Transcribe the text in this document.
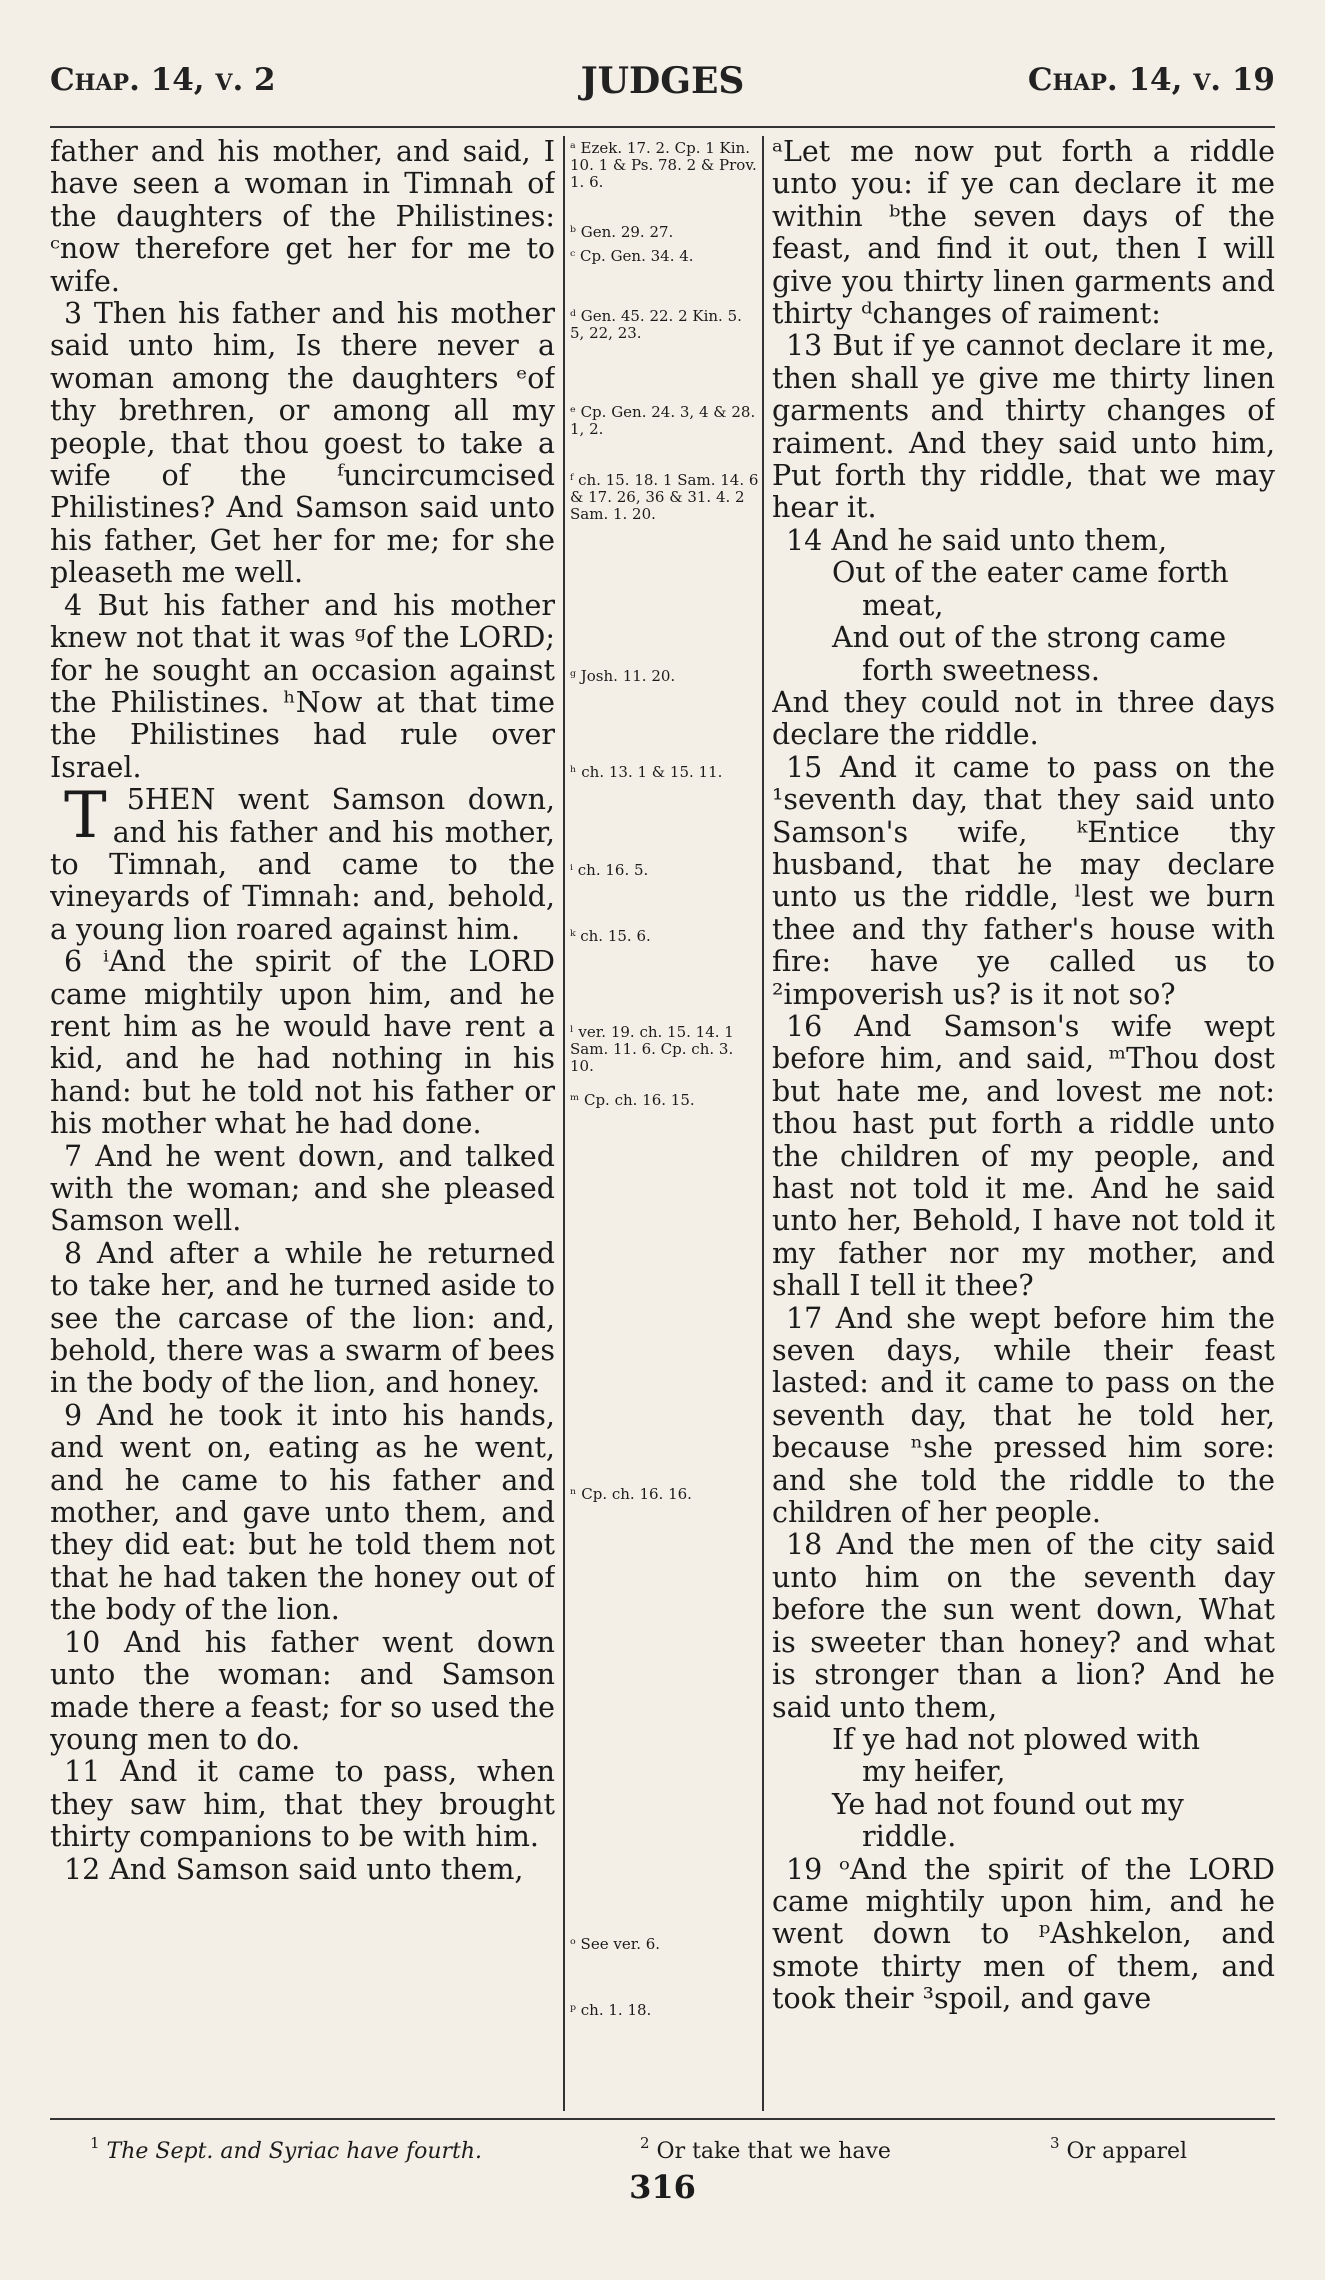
Chap. 14, v. 2	JUDGES	Chap. 14, v. 19

father and his mother, and said, I have seen a woman in Timnah of the daughters of the Philistines: ᶜnow therefore get her for me to wife.

3 Then his father and his mother said unto him, Is there never a woman among the daughters ᵉof thy brethren, or among all my people, that thou goest to take a wife of the ᶠuncircumcised Philistines? And Samson said unto his father, Get her for me; for she pleaseth me well.

4 But his father and his mother knew not that it was ᵍof the LORD; for he sought an occasion against the Philistines. ʰNow at that time the Philistines had rule over Israel.

5
T HEN went Samson down, and his father and his mother, to Timnah, and came to the vineyards of Timnah: and, behold, a young lion roared against him.

6 ⁱAnd the spirit of the LORD came mightily upon him, and he rent him as he would have rent a kid, and he had nothing in his hand: but he told not his father or his mother what he had done.

7 And he went down, and talked with the woman; and she pleased Samson well.

8 And after a while he returned to take her, and he turned aside to see the carcase of the lion: and, behold, there was a swarm of bees in the body of the lion, and honey.

9 And he took it into his hands, and went on, eating as he went, and he came to his father and mother, and gave unto them, and they did eat: but he told them not that he had taken the honey out of the body of the lion.

10 And his father went down unto the woman: and Samson made there a feast; for so used the young men to do.

11 And it came to pass, when they saw him, that they brought thirty companions to be with him.

12 And Samson said unto them,

ᵃ Ezek. 17. 2. Cp. 1 Kin. 10. 1 & Ps. 78. 2 & Prov. 1. 6.
ᵇ Gen. 29. 27.
ᶜ Cp. Gen. 34. 4.
ᵈ Gen. 45. 22. 2 Kin. 5. 5, 22, 23.
ᵉ Cp. Gen. 24. 3, 4 & 28. 1, 2.
ᶠ ch. 15. 18. 1 Sam. 14. 6 & 17. 26, 36 & 31. 4. 2 Sam. 1. 20.
ᵍ Josh. 11. 20.
ʰ ch. 13. 1 & 15. 11.
ⁱ ch. 16. 5.
ᵏ ch. 15. 6.
ˡ ver. 19. ch. 15. 14. 1 Sam. 11. 6. Cp. ch. 3. 10.
ᵐ Cp. ch. 16. 15.
ⁿ Cp. ch. 16. 16.
ᵒ See ver. 6.
ᵖ ch. 1. 18.

ᵃLet me now put forth a riddle unto you: if ye can declare it me within ᵇthe seven days of the feast, and find it out, then I will give you thirty linen garments and thirty ᵈchanges of raiment:

13 But if ye cannot declare it me, then shall ye give me thirty linen garments and thirty changes of raiment. And they said unto him, Put forth thy riddle, that we may hear it.

14 And he said unto them,

Out of the eater came forth

meat,

And out of the strong came

forth sweetness.

And they could not in three days declare the riddle.

15 And it came to pass on the ¹seventh day, that they said unto Samson's wife, ᵏEntice thy husband, that he may declare unto us the riddle, ˡlest we burn thee and thy father's house with fire: have ye called us to ²impoverish us? is it not so?

16 And Samson's wife wept before him, and said, ᵐThou dost but hate me, and lovest me not: thou hast put forth a riddle unto the children of my people, and hast not told it me. And he said unto her, Behold, I have not told it my father nor my mother, and shall I tell it thee?

17 And she wept before him the seven days, while their feast lasted: and it came to pass on the seventh day, that he told her, because ⁿshe pressed him sore: and she told the riddle to the children of her people.

18 And the men of the city said unto him on the seventh day before the sun went down, What is sweeter than honey? and what is stronger than a lion? And he said unto them,

If ye had not plowed with

my heifer,

Ye had not found out my

riddle.

19 ᵒAnd the spirit of the LORD came mightily upon him, and he went down to ᵖAshkelon, and smote thirty men of them, and took their ³spoil, and gave

$^1$ The Sept. and Syriac have fourth.	$^2$ Or take that we have	$^3$ Or apparel
316
